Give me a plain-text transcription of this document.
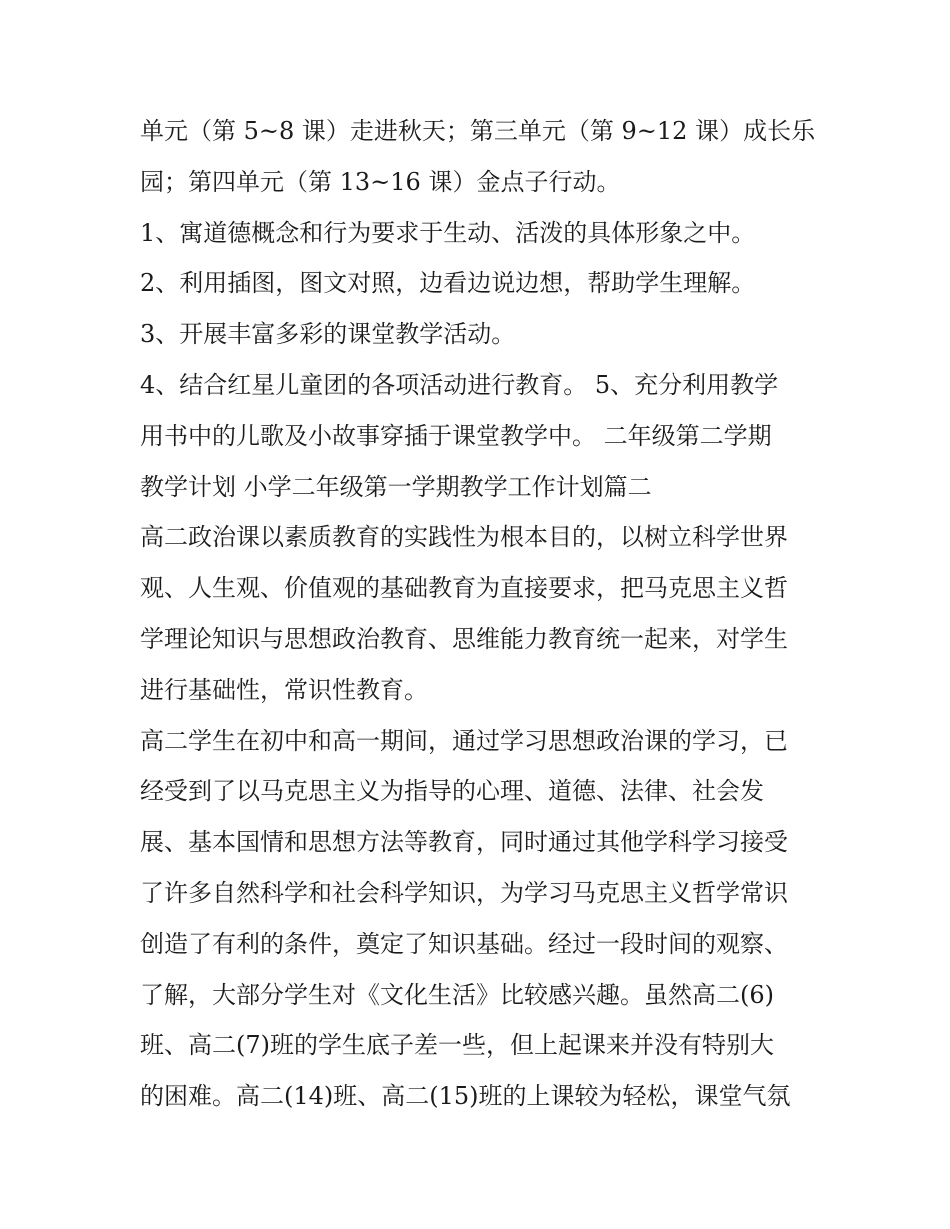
单元（第 5~8 课）走进秋天；第三单元（第 9~12 课）成长乐
园；第四单元（第 13~16 课）金点子行动。
1、寓道德概念和行为要求于生动、活泼的具体形象之中。
2、利用插图，图文对照，边看边说边想，帮助学生理解。
3、开展丰富多彩的课堂教学活动。
4、结合红星儿童团的各项活动进行教育。 5、充分利用教学
用书中的儿歌及小故事穿插于课堂教学中。 二年级第二学期
教学计划 小学二年级第一学期教学工作计划篇二
高二政治课以素质教育的实践性为根本目的，以树立科学世界
观、人生观、价值观的基础教育为直接要求，把马克思主义哲
学理论知识与思想政治教育、思维能力教育统一起来，对学生
进行基础性，常识性教育。
高二学生在初中和高一期间，通过学习思想政治课的学习，已
经受到了以马克思主义为指导的心理、道德、法律、社会发
展、基本国情和思想方法等教育，同时通过其他学科学习接受
了许多自然科学和社会科学知识，为学习马克思主义哲学常识
创造了有利的条件，奠定了知识基础。经过一段时间的观察、
了解，大部分学生对《文化生活》比较感兴趣。虽然高二(6)
班、高二(7)班的学生底子差一些，但上起课来并没有特别大
的困难。高二(14)班、高二(15)班的上课较为轻松，课堂气氛
